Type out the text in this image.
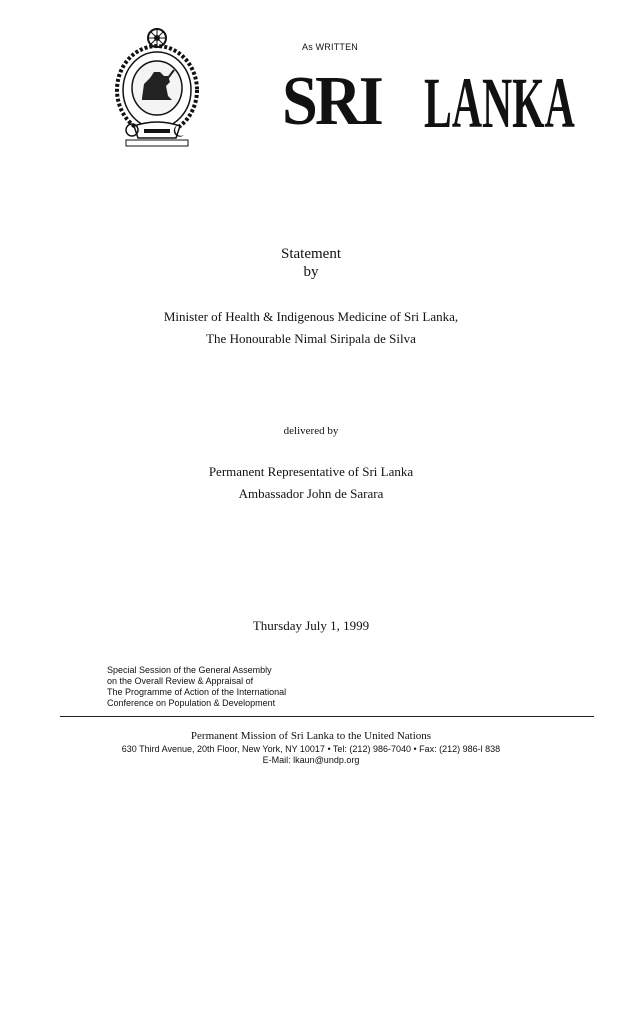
As WRITTEN
SRI LANKA
Statement
by
Minister of Health & Indigenous Medicine of Sri Lanka,
The Honourable Nimal Siripala de Silva
delivered by
Permanent Representative of Sri Lanka
Ambassador John de Sarara
Thursday July 1, 1999
Special Session of the General Assembly
on the Overall Review & Appraisal of
The Programme of Action of the International
Conference on Population & Development
Permanent Mission of Sri Lanka to the United Nations
630 Third Avenue, 20th Floor, New York, NY 10017 • Tel: (212) 986-7040 • Fax: (212) 986-l 838
E-Mail: lkaun@undp.org
